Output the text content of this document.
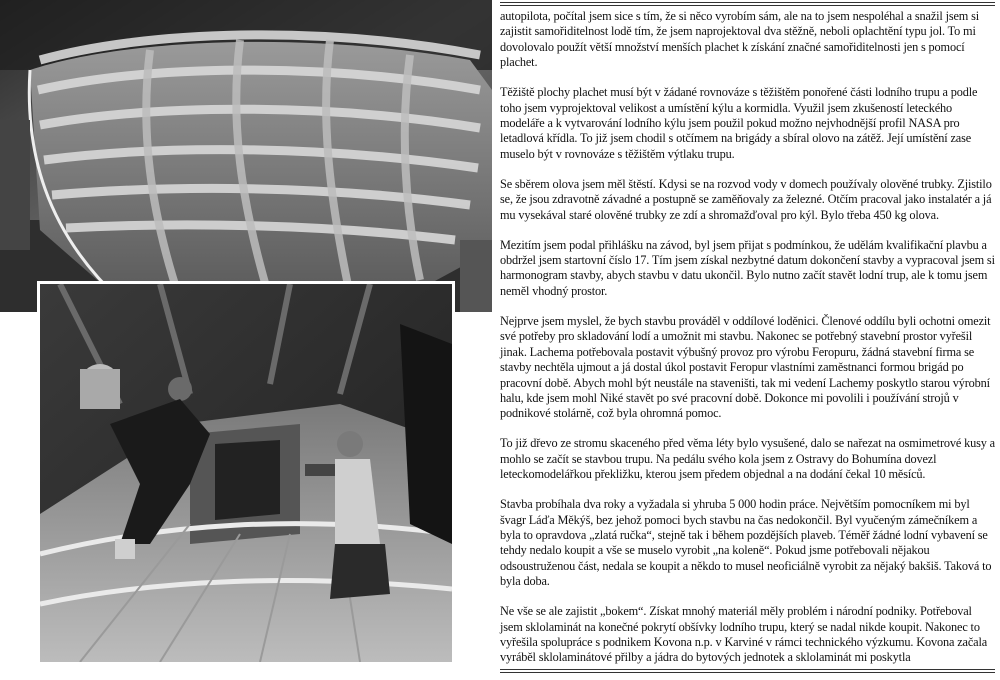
autopilota, počítal jsem sice s tím, že si něco vyrobím sám, ale na to jsem nespoléhal a snažil jsem si zajistit samořiditelnost lodě tím, že jsem naprojektoval dva stěžně, neboli oplachtění typu jol. To mi dovolovalo použít větší množství menších plachet k získání značné samořiditelnosti jen s pomocí plachet.

Těžiště plochy plachet musí být v žádané rovnováze s těžištěm ponořené části lodního trupu a podle toho jsem vyprojektoval velikost a umístění kýlu a kormidla. Využil jsem zkušeností leteckého modeláře a k vytvarování lodního kýlu jsem použil pokud možno nejvhodnější profil NASA pro letadlová křídla. To již jsem chodil s otčímem na brigády a sbíral olovo na zátěž. Její umístění zase muselo být v rovnováze s těžištěm výtlaku trupu.

Se sběrem olova jsem měl štěstí. Kdysi se na rozvod vody v domech používaly olověné trubky. Zjistilo se, že jsou zdravotně závadné a postupně se zaměňovaly za železné. Otčím pracoval jako instalatér a já mu vysekával staré olověné trubky ze zdí a shromažďoval pro kýl. Bylo třeba 450 kg olova.

Mezitím jsem podal přihlášku na závod, byl jsem přijat s podmínkou, že udělám kvalifikační plavbu a obdržel jsem startovní číslo 17. Tím jsem získal nezbytné datum dokončení stavby a vypracoval jsem si harmonogram stavby, abych stavbu v datu ukončil. Bylo nutno začít stavět lodní trup, ale k tomu jsem neměl vhodný prostor.

Nejprve jsem myslel, že bych stavbu prováděl v oddílové loděnici. Členové oddílu byli ochotni omezit své potřeby pro skladování lodí a umožnit mi stavbu. Nakonec se potřebný stavební prostor vyřešil jinak. Lachema potřebovala postavit výbušný provoz pro výrobu Feropuru, žádná stavební firma se stavby nechtěla ujmout a já dostal úkol postavit Feropur vlastními zaměstnanci formou brigád po pracovní době. Abych mohl být neustále na staveništi, tak mi vedení Lachemy poskytlo starou výrobní halu, kde jsem mohl Niké stavět po své pracovní době. Dokonce mi povolili i používání strojů v podnikové stolárně, což byla ohromná pomoc.

To již dřevo ze stromu skaceného před věma léty bylo vysušené, dalo se nařezat na osmimetrové kusy a mohlo se začít se stavbou trupu. Na pedálu svého kola jsem z Ostravy do Bohumína dovezl leteckomodelářkou překližku, kterou jsem předem objednal a na dodání čekal 10 měsíců.

Stavba probíhala dva roky a vyžadala si yhruba 5 000 hodin práce. Největším pomocníkem mi byl švagr Láďa Měkýš, bez jehož pomoci bych stavbu na čas nedokončil. Byl vyučeným zámečníkem a byla to opravdova „zlatá ručka“, stejně tak i během pozdějších plaveb. Téměř žádné lodní vybavení se tehdy nedalo koupit a vše se muselo vyrobit „na koleně“. Pokud jsme potřebovali nějakou odsoustruženou část, nedala se koupit a někdo to musel neoficiálně vyrobit za nějaký bakšiš. Taková to byla doba.

Ne vše se ale zajistit „bokem“. Získat mnohý materiál měly problém i národní podniky. Potřeboval jsem sklolaminát na konečné pokrytí obšívky lodního trupu, který se nadal nikde koupit. Nakonec to vyřešila spolupráce s podnikem Kovona n.p. v Karviné v rámci technického výzkumu. Kovona začala vyráběl sklolaminátové přilby a jádra do bytových jednotek a sklolaminát mi poskytla
